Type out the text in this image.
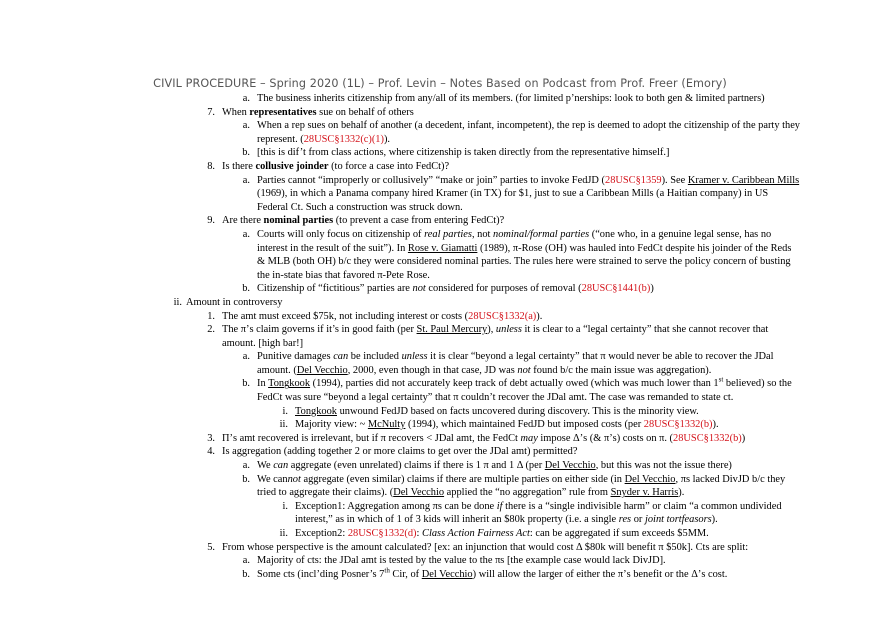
CIVIL PROCEDURE – Spring 2020 (1L) – Prof. Levin – Notes Based on Podcast from Prof. Freer (Emory)
a. The business inherits citizenship from any/all of its members. (for limited p’nerships: look to both gen & limited partners)
7. When representatives sue on behalf of others
a. When a rep sues on behalf of another (a decedent, infant, incompetent), the rep is deemed to adopt the citizenship of the party they represent. (28USC§1332(c)(1)).
b. [this is dif’t from class actions, where citizenship is taken directly from the representative himself.]
8. Is there collusive joinder (to force a case into FedCt)?
a. Parties cannot “improperly or collusively” “make or join” parties to invoke FedJD (28USC§1359). See Kramer v. Caribbean Mills (1969), in which a Panama company hired Kramer (in TX) for $1, just to sue a Caribbean Mills (a Haitian company) in US Federal Ct. Such a construction was struck down.
9. Are there nominal parties (to prevent a case from entering FedCt)?
a. Courts will only focus on citizenship of real parties, not nominal/formal parties (“one who, in a genuine legal sense, has no interest in the result of the suit”). In Rose v. Giamatti (1989), π-Rose (OH) was hauled into FedCt despite his joinder of the Reds & MLB (both OH) b/c they were considered nominal parties. The rules here were strained to serve the policy concern of busting the in-state bias that favored π-Pete Rose.
b. Citizenship of “fictitious” parties are not considered for purposes of removal (28USC§1441(b))
ii. Amount in controversy
1. The amt must exceed $75k, not including interest or costs (28USC§1332(a)).
2. The π’s claim governs if it’s in good faith (per St. Paul Mercury), unless it is clear to a “legal certainty” that she cannot recover that amount. [high bar!]
a. Punitive damages can be included unless it is clear “beyond a legal certainty” that π would never be able to recover the JDal amount. (Del Vecchio, 2000, even though in that case, JD was not found b/c the main issue was aggregation).
b. In Tongkook (1994), parties did not accurately keep track of debt actually owed (which was much lower than 1st believed) so the FedCt was sure “beyond a legal certainty” that π couldn’t recover the JDal amt. The case was remanded to state ct.
i. Tongkook unwound FedJD based on facts uncovered during discovery. This is the minority view.
ii. Majority view: ~ McNulty (1994), which maintained FedJD but imposed costs (per 28USC§1332(b)).
3. Π’s amt recovered is irrelevant, but if π recovers < JDal amt, the FedCt may impose Δ’s (& π’s) costs on π. (28USC§1332(b))
4. Is aggregation (adding together 2 or more claims to get over the JDal amt) permitted?
a. We can aggregate (even unrelated) claims if there is 1 π and 1 Δ (per Del Vecchio, but this was not the issue there)
b. We cannot aggregate (even similar) claims if there are multiple parties on either side (in Del Vecchio, πs lacked DivJD b/c they tried to aggregate their claims). (Del Vecchio applied the “no aggregation” rule from Snyder v. Harris).
i. Exception1: Aggregation among πs can be done if there is a “single indivisible harm” or claim “a common undivided interest,” as in which of 1 of 3 kids will inherit an $80k property (i.e. a single res or joint tortfeasors).
ii. Exception2: 28USC§1332(d): Class Action Fairness Act: can be aggregated if sum exceeds $5MM.
5. From whose perspective is the amount calculated? [ex: an injunction that would cost Δ $80k will benefit π $50k]. Cts are split:
a. Majority of cts: the JDal amt is tested by the value to the πs [the example case would lack DivJD].
b. Some cts (incl’ding Posner’s 7th Cir, of Del Vecchio) will allow the larger of either the π’s benefit or the Δ’s cost.
